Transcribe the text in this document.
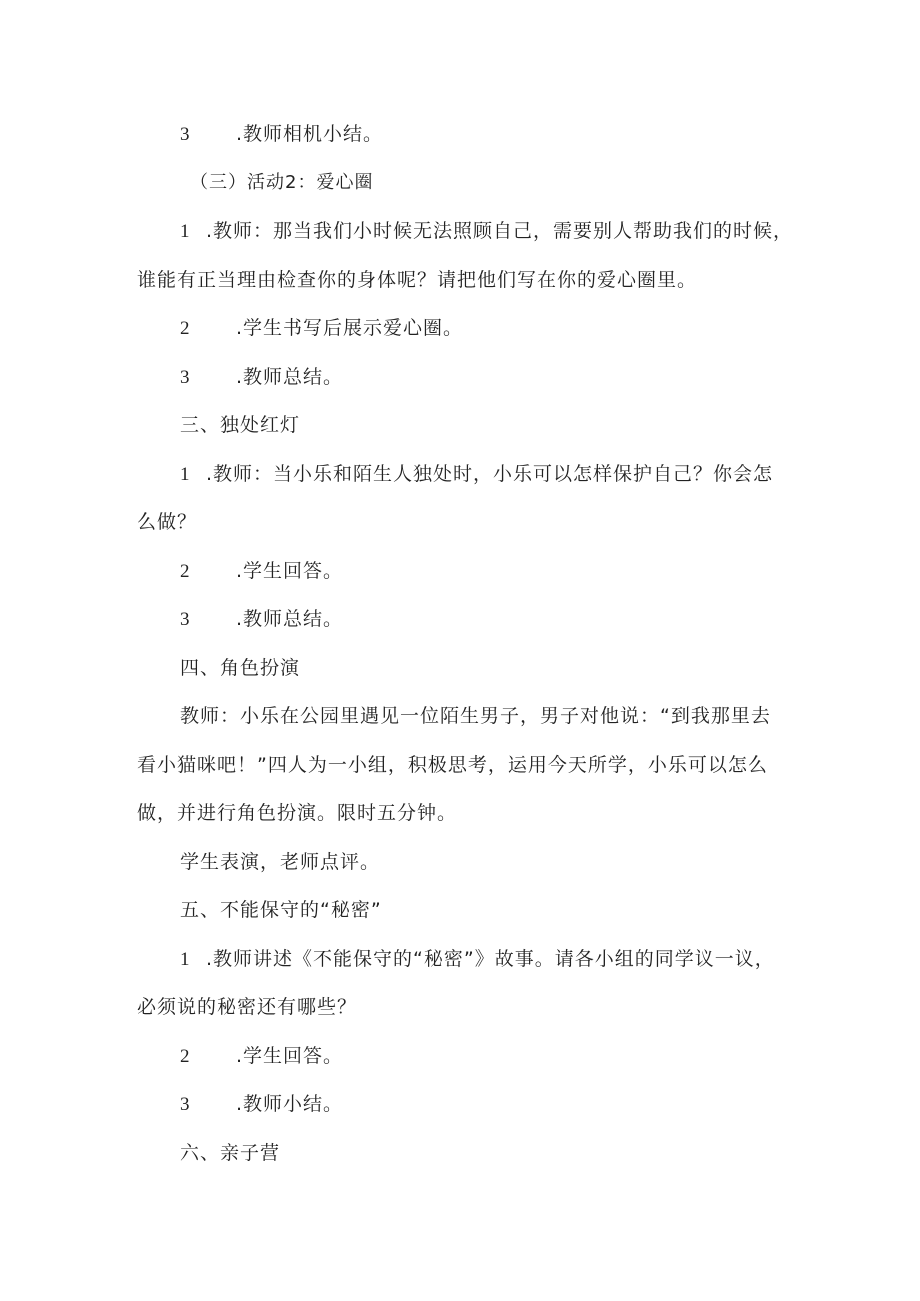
3 .教师相机小结。
（三）活动2：爱心圈
1 .教师：那当我们小时候无法照顾自己，需要别人帮助我们的时候，
谁能有正当理由检查你的身体呢？请把他们写在你的爱心圈里。
2 .学生书写后展示爱心圈。
3 .教师总结。
三、独处红灯
1 .教师：当小乐和陌生人独处时，小乐可以怎样保护自己？你会怎
么做？
2 .学生回答。
3 .教师总结。
四、角色扮演
教师：小乐在公园里遇见一位陌生男子，男子对他说：“到我那里去
看小猫咪吧！”四人为一小组，积极思考，运用今天所学，小乐可以怎么
做，并进行角色扮演。限时五分钟。
学生表演，老师点评。
五、不能保守的“秘密”
1 .教师讲述《不能保守的“秘密”》故事。请各小组的同学议一议，
必须说的秘密还有哪些？
2 .学生回答。
3 .教师小结。
六、亲子营
